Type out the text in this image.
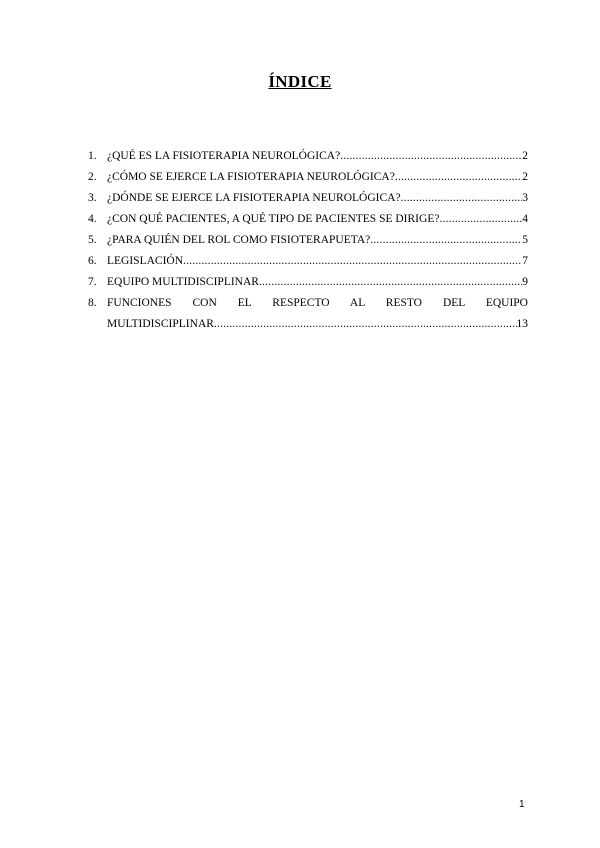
ÍNDICE
1. ¿QUÉ ES LA FISIOTERAPIA NEUROLÓGICA? .....	2
2. ¿CÓMO SE EJERCE LA FISIOTERAPIA NEUROLÓGICA? .....	2
3. ¿DÓNDE SE EJERCE LA FISIOTERAPIA NEUROLÓGICA? .....	3
4. ¿CON QUÉ PACIENTES, A QUÉ TIPO DE PACIENTES SE DIRIGE? .....	4
5. ¿PARA QUIÉN DEL ROL COMO FISIOTERAPUETA? .....	5
6. LEGISLACIÓN .....	7
7. EQUIPO MULTIDISCIPLINAR .....	9
8. FUNCIONES CON EL RESPECTO AL RESTO DEL EQUIPO
MULTIDISCIPLINAR .....	13
1
